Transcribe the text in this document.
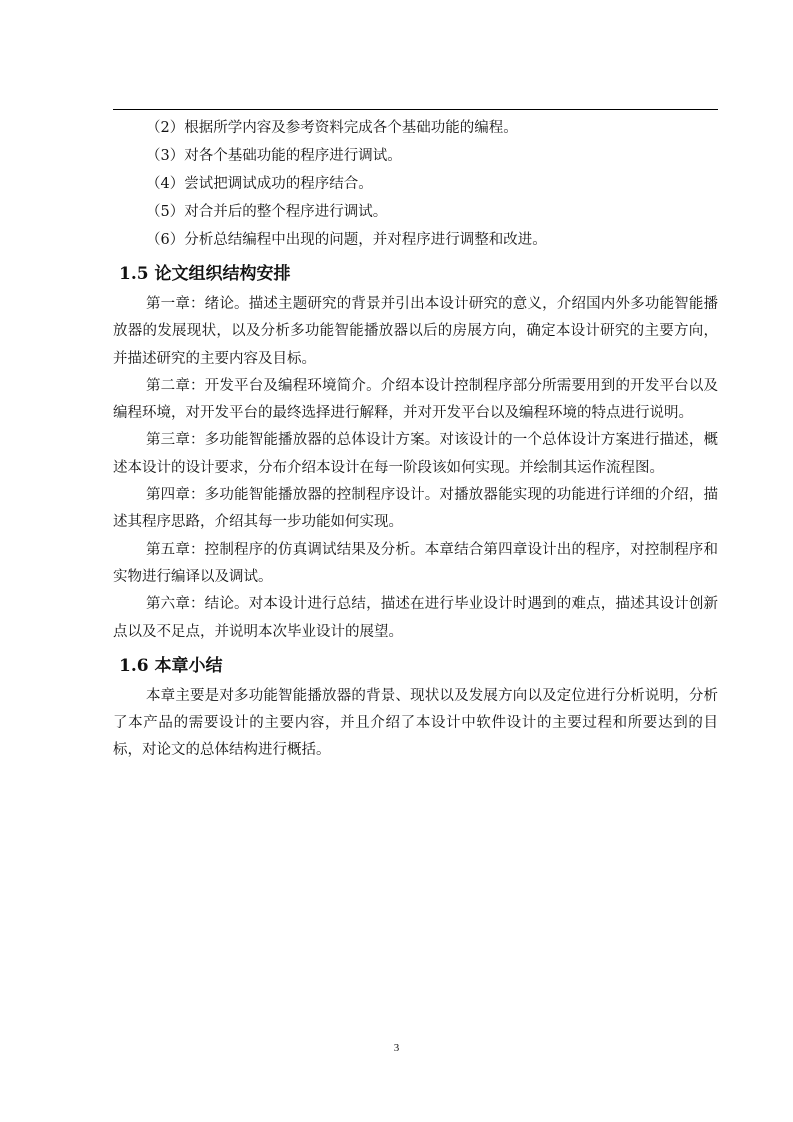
（2）根据所学内容及参考资料完成各个基础功能的编程。
（3）对各个基础功能的程序进行调试。
（4）尝试把调试成功的程序结合。
（5）对合并后的整个程序进行调试。
（6）分析总结编程中出现的问题，并对程序进行调整和改进。
1.5 论文组织结构安排

第一章：绪论。描述主题研究的背景并引出本设计研究的意义，介绍国内外多功能智能播放器的发展现状，以及分析多功能智能播放器以后的房展方向，确定本设计研究的主要方向，并描述研究的主要内容及目标。

第二章：开发平台及编程环境简介。介绍本设计控制程序部分所需要用到的开发平台以及编程环境，对开发平台的最终选择进行解释，并对开发平台以及编程环境的特点进行说明。

第三章：多功能智能播放器的总体设计方案。对该设计的一个总体设计方案进行描述，概述本设计的设计要求，分布介绍本设计在每一阶段该如何实现。并绘制其运作流程图。

第四章：多功能智能播放器的控制程序设计。对播放器能实现的功能进行详细的介绍，描述其程序思路，介绍其每一步功能如何实现。

第五章：控制程序的仿真调试结果及分析。本章结合第四章设计出的程序，对控制程序和实物进行编译以及调试。

第六章：结论。对本设计进行总结，描述在进行毕业设计时遇到的难点，描述其设计创新点以及不足点，并说明本次毕业设计的展望。

1.6 本章小结

本章主要是对多功能智能播放器的背景、现状以及发展方向以及定位进行分析说明，分析了本产品的需要设计的主要内容，并且介绍了本设计中软件设计的主要过程和所要达到的目标，对论文的总体结构进行概括。

3
